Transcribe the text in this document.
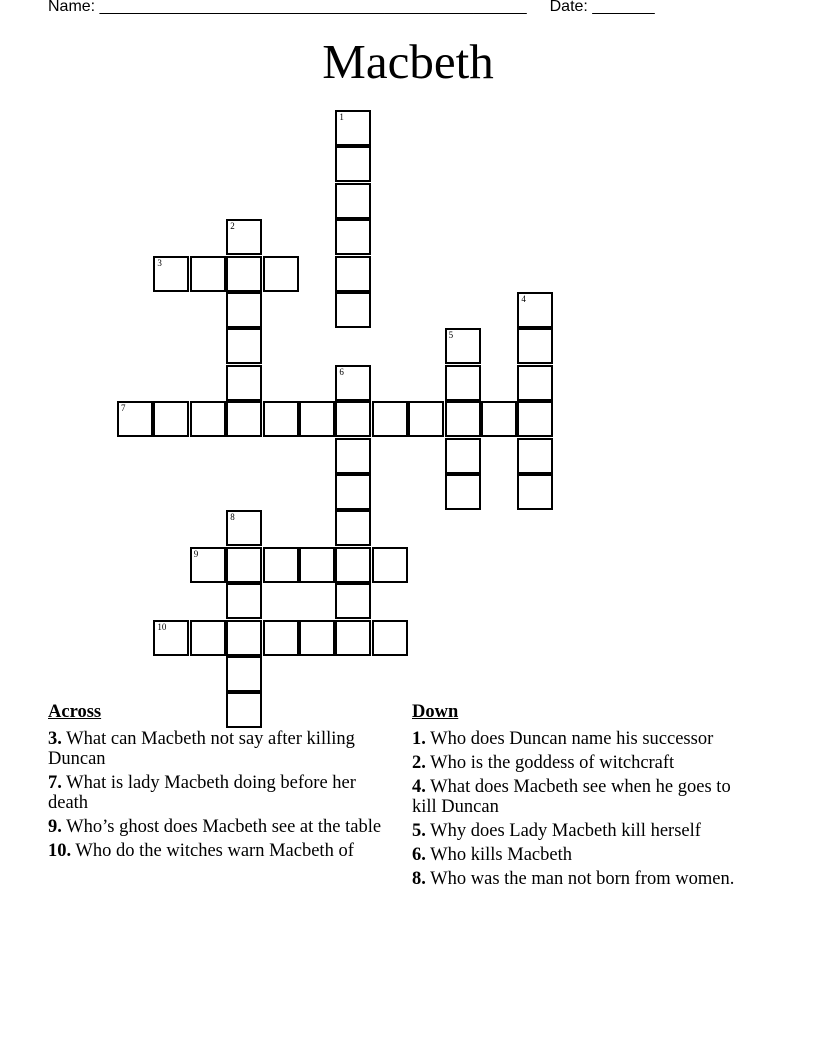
Name: ________________________________________________ Date: _______
Macbeth
1
2
3
4
5
6
7
8
9
10
Across
3. What can Macbeth not say after killing Duncan
7. What is lady Macbeth doing before her death
9. Who’s ghost does Macbeth see at the table
10. Who do the witches warn Macbeth of
Down
1. Who does Duncan name his successor
2. Who is the goddess of witchcraft
4. What does Macbeth see when he goes to kill Duncan
5. Why does Lady Macbeth kill herself
6. Who kills Macbeth
8. Who was the man not born from women.
